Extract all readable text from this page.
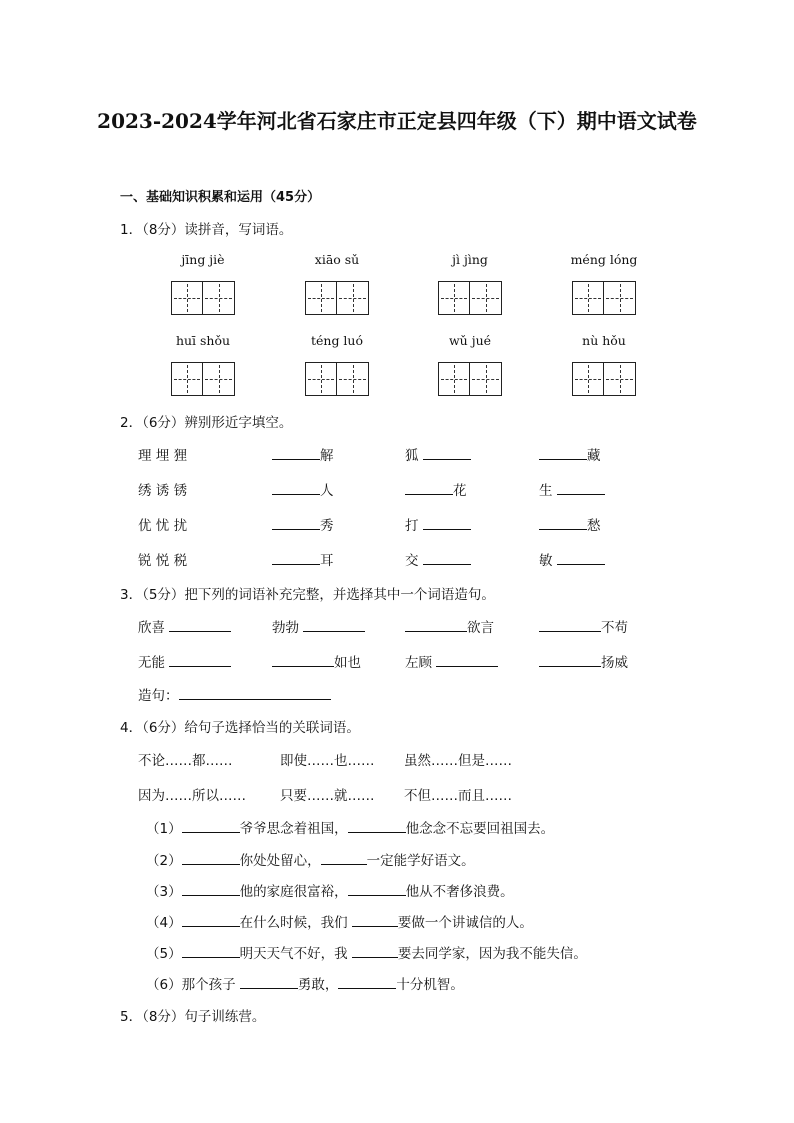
2023-2024学年河北省石家庄市正定县四年级（下）期中语文试卷
一、基础知识积累和运用（45分）
1．（8分）读拼音，写词语。
jīng jiè	xiāo sǔ	jì jìng	méng lóng
huī shǒu	téng luó	wǔ jué	nù hǒu
2．（6分）辨别形近字填空。
理 埋 狸	解	狐	藏
绣 诱 锈	人	花	生
优 忧 扰	秀	打	愁
锐 悦 税	耳	交	敏
3．（5分）把下列的词语补充完整，并选择其中一个词语造句。
欣喜	勃勃	欲言	不苟
无能	如也	左顾	扬威
造句：
4．（6分）给句子选择恰当的关联词语。
不论……都……	即使……也…… 虽然……但是……
因为……所以……	只要……就…… 不但……而且……
（1）	爷爷思念着祖国，	他念念不忘要回祖国去。
（2）	你处处留心，	一定能学好语文。
（3）	他的家庭很富裕，	他从不奢侈浪费。
（4）	在什么时候，我们	要做一个讲诚信的人。
（5）	明天天气不好，我	要去同学家，因为我不能失信。
（6）那个孩子	勇敢，	十分机智。
5．（8分）句子训练营。
